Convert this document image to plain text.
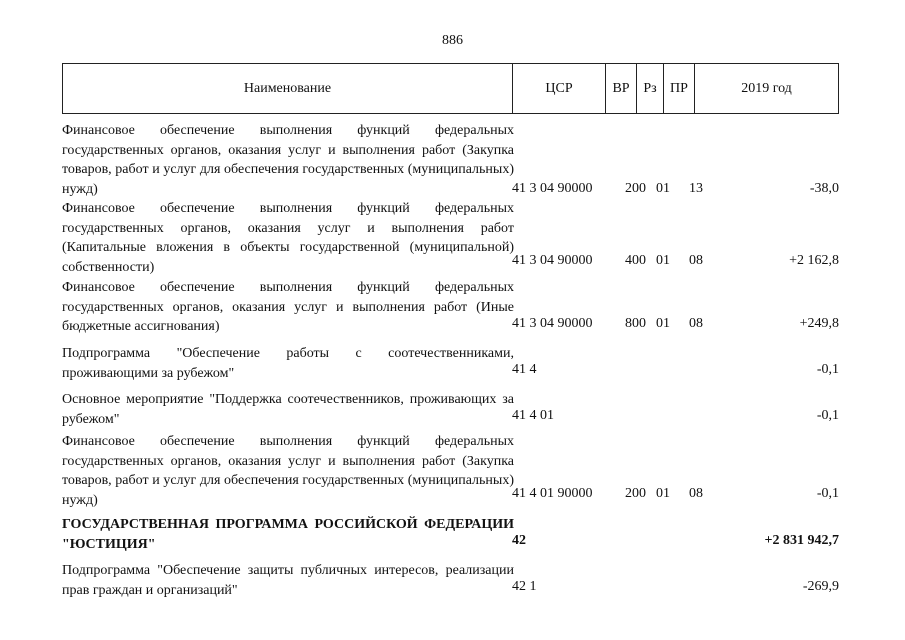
886
Наименование	ЦСР	ВР Рз ПР	2019 год
Финансовое обеспечение выполнения функций федеральных государственных органов, оказания услуг и выполнения работ (Закупка товаров, работ и услуг для обеспечения государственных (муниципальных) нужд)	41 3 04 90000 200 01 13	-38,0
Финансовое обеспечение выполнения функций федеральных государственных органов, оказания услуг и выполнения работ (Капитальные вложения в объекты государственной (муниципальной) собственности)	41 3 04 90000 400 01 08	+2 162,8
Финансовое обеспечение выполнения функций федеральных государственных органов, оказания услуг и выполнения работ (Иные бюджетные ассигнования)	41 3 04 90000 800 01 08	+249,8
Подпрограмма "Обеспечение работы с соотечественниками, проживающими за рубежом"	41 4	-0,1
Основное мероприятие "Поддержка соотечественников, проживающих за рубежом"	41 4 01	-0,1
Финансовое обеспечение выполнения функций федеральных государственных органов, оказания услуг и выполнения работ (Закупка товаров, работ и услуг для обеспечения государственных (муниципальных) нужд)	41 4 01 90000 200 01 08	-0,1
ГОСУДАРСТВЕННАЯ ПРОГРАММА РОССИЙСКОЙ ФЕДЕРАЦИИ "ЮСТИЦИЯ"	42	+2 831 942,7
Подпрограмма "Обеспечение защиты публичных интересов, реализации прав граждан и организаций"	42 1	-269,9
